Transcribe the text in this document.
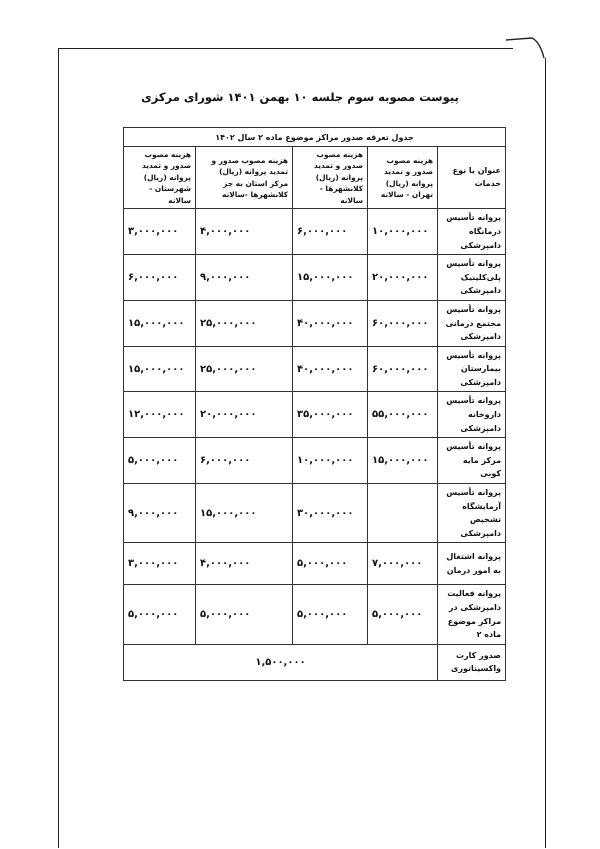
پیوست مصوبه سوم جلسه ۱۰ بهمن ۱۴۰۱ شورای مرکزی
جدول تعرفه صدور مراکز موضوع ماده ۲ سال ۱۴۰۲				
عنوان یا نوع خدمات	هزینه مصوب صدور و تمدید پروانه (ریال) تهران - سالانه	هزینه مصوب صدور و تمدید پروانه (ریال) کلانشهرها - سالانه	هزینه مصوب صدور و تمدید پروانه (ریال) مرکز استان به جز کلانشهرها -سالانه	هزینه مصوب صدور و تمدید پروانه (ریال) شهرستان - سالانه
پروانه تأسیس درمانگاه دامپزشکی	۱۰,۰۰۰,۰۰۰	۶,۰۰۰,۰۰۰	۴,۰۰۰,۰۰۰	۳,۰۰۰,۰۰۰
پروانه تأسیس پلی‌کلینیک دامپزشکی	۲۰,۰۰۰,۰۰۰	۱۵,۰۰۰,۰۰۰	۹,۰۰۰,۰۰۰	۶,۰۰۰,۰۰۰
پروانه تأسیس مجتمع درمانی دامپزشکی	۶۰,۰۰۰,۰۰۰	۴۰,۰۰۰,۰۰۰	۲۵,۰۰۰,۰۰۰	۱۵,۰۰۰,۰۰۰
پروانه تأسیس بیمارستان دامپزشکی	۶۰,۰۰۰,۰۰۰	۴۰,۰۰۰,۰۰۰	۲۵,۰۰۰,۰۰۰	۱۵,۰۰۰,۰۰۰
پروانه تأسیس داروخانه دامپزشکی	۵۵,۰۰۰,۰۰۰	۳۵,۰۰۰,۰۰۰	۲۰,۰۰۰,۰۰۰	۱۲,۰۰۰,۰۰۰
پروانه تأسیس مرکز مایه کوبی	۱۵,۰۰۰,۰۰۰	۱۰,۰۰۰,۰۰۰	۶,۰۰۰,۰۰۰	۵,۰۰۰,۰۰۰
پروانه تأسیس آزمایشگاه تشخیص دامپزشکی		۳۰,۰۰۰,۰۰۰	۱۵,۰۰۰,۰۰۰	۹,۰۰۰,۰۰۰
پروانه اشتغال به امور درمان	۷,۰۰۰,۰۰۰	۵,۰۰۰,۰۰۰	۴,۰۰۰,۰۰۰	۳,۰۰۰,۰۰۰
پروانه فعالیت دامپزشکی در مراکز موضوع ماده ۲	۵,۰۰۰,۰۰۰	۵,۰۰۰,۰۰۰	۵,۰۰۰,۰۰۰	۵,۰۰۰,۰۰۰
صدور کارت واکسیناتوری	۱,۵۰۰,۰۰۰			
